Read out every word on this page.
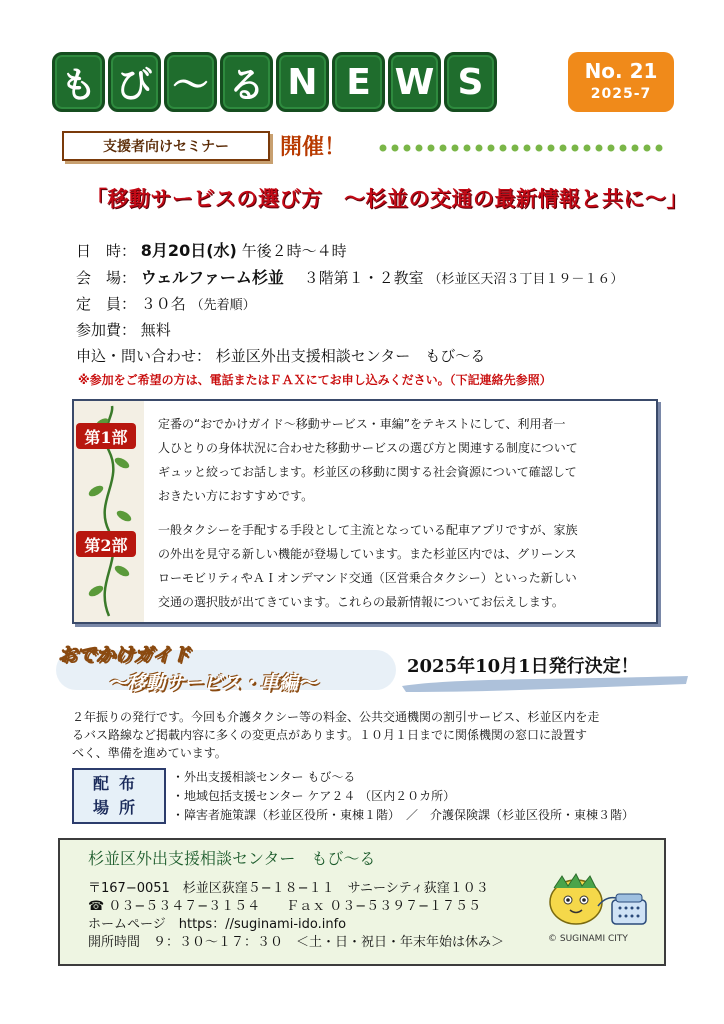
も び 〜 る N E W S	No. 21
2025-7
支援者向けセミナー	開催！
「移動サービスの選び方　〜杉並の交通の最新情報と共に〜」
日　時： 8月20日(水) 午後２時〜４時
会　場： ウェルファーム杉並 　３階第１・２教室 （杉並区天沼３丁目１９－１６）
定　員： ３０名 （先着順）
参加費： 無料
申込・問い合わせ： 杉並区外出支援相談センター　もび〜る
※参加をご希望の方は、電話またはＦＡＸにてお申し込みください。（下記連絡先参照）
第1部
第2部
定番の“おでかけガイド〜移動サービス・車編”をテキストにして、利用者一
人ひとりの身体状況に合わせた移動サービスの選び方と関連する制度について
ギュッと絞ってお話します。杉並区の移動に関する社会資源について確認して
おきたい方におすすめです。
一般タクシーを手配する手段として主流となっている配車アプリですが、家族
の外出を見守る新しい機能が登場しています。また杉並区内では、グリーンス
ローモビリティやＡＩオンデマンド交通（区営乗合タクシー）といった新しい
交通の選択肢が出てきています。これらの最新情報についてお伝えします。
おでかけガイド
〜移動サービス・車編〜
2025年10月1日発行決定！
２年振りの発行です。今回も介護タクシー等の料金、公共交通機関の割引サービス、杉並区内を走
るバス路線など掲載内容に多くの変更点があります。１０月１日までに関係機関の窓口に設置す
べく、準備を進めています。
配布
場所
・外出支援相談センター もび〜る
・地域包括支援センター ケア２４ （区内２０カ所）
・障害者施策課（杉並区役所・東棟１階）　／　介護保険課（杉並区役所・東棟３階）
杉並区外出支援相談センター　もび〜る
〒167−0051　杉並区荻窪５−１８−１１　サニーシティ荻窪１０３
☎ ０３−５３４７−３１５４　　Ｆａｘ ０３−５３９７−１７５５
ホームページ　https：//suginami-ido.info
開所時間　９：３０〜１７：３０　＜土・日・祝日・年末年始は休み＞	© SUGINAMI CITY
